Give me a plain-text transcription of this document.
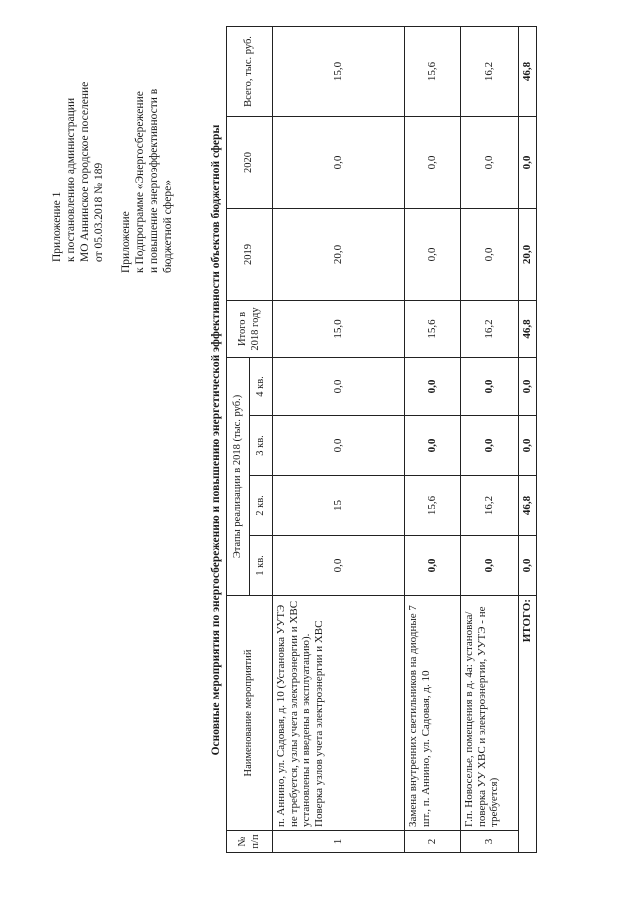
Приложение 1 к постановлению администрации МО Аннинское городское поселение от 05.03.2018 № 189 Приложение к Подпрограмме «Энергосбережение и повышение энергоэффективности в бюджетной сфере»	Основные мероприятия по энергосбережению и повышению энергетической эффективности объектов бюджетной сферы
№ п/п	Наименование мероприятий	Этапы реализации в 2018 (тыс. руб.)				Итого в 2018 году	2019	2020	Всего, тыс. руб.
		1 кв.	2 кв.	3 кв.	4 кв.				
1	п. Аннино, ул. Садовая, д. 10 (Установка УУТЭ не требуется, узлы учета электроэнергии и ХВС установлены и введены в эксплуатацию). Поверка узлов учета электроэнергии и ХВС	0,0	15	0,0	0,0	15,0	20,0	0,0	15,0
2	Замена внутренних светильников на диодные 7 шт., п. Аннино, ул. Садовая, д. 10	0,0	15,6	0,0	0,0	15,6	0,0	0,0	15,6
3	Г.п. Новоселье, помещения в д. 4а: установка/ поверка УУ ХВС и электроэнергии, УУТЭ - не требуется)	0,0	16,2	0,0	0,0	16,2	0,0	0,0	16,2
ИТОГО:		0,0	46,8	0,0	0,0	46,8	20,0	0,0	46,8
